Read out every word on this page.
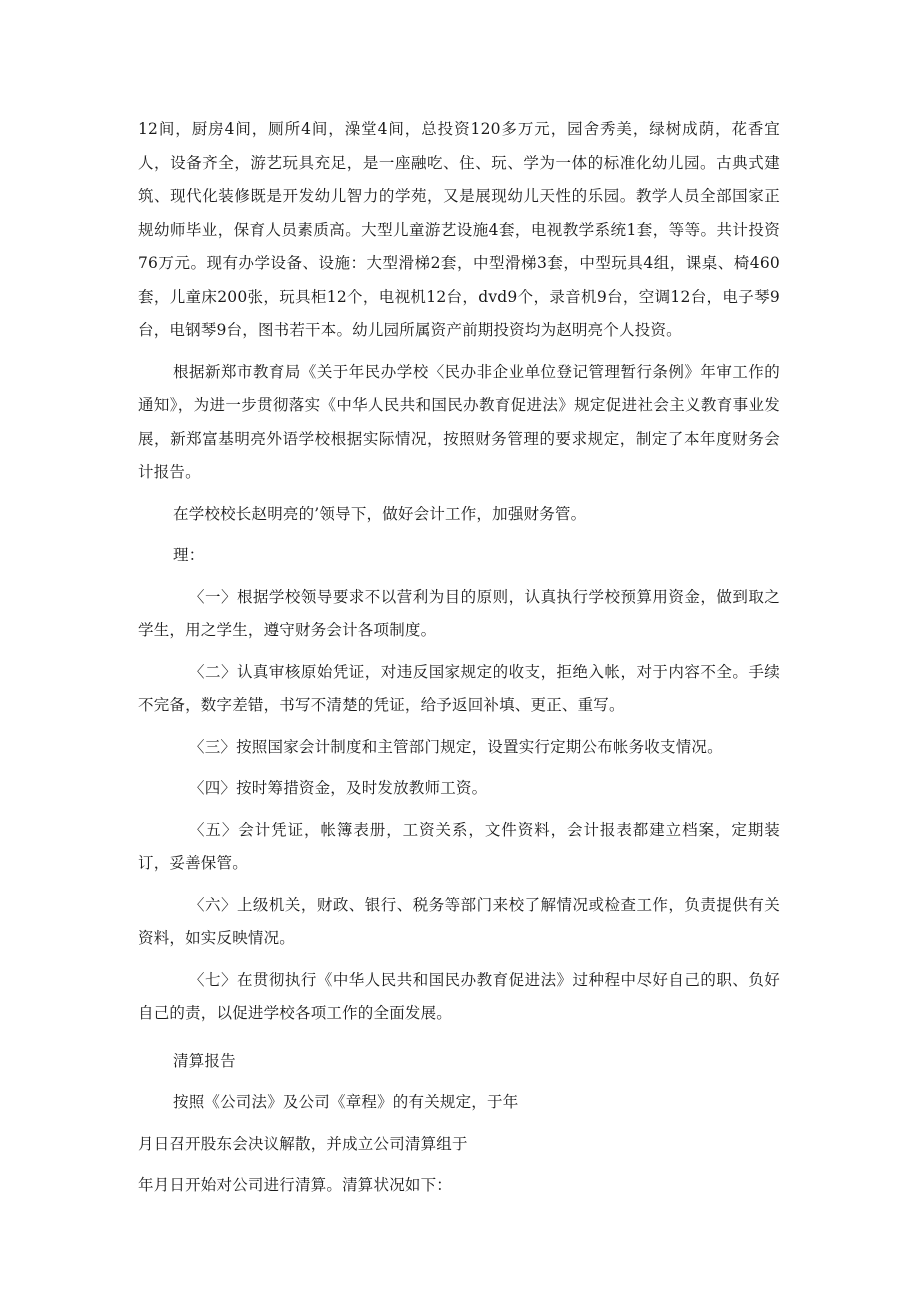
12间，厨房4间，厕所4间，澡堂4间，总投资120多万元，园舍秀美，绿树成荫，花香宜人，设备齐全，游艺玩具充足，是一座融吃、住、玩、学为一体的标准化幼儿园。古典式建筑、现代化装修既是开发幼儿智力的学苑，又是展现幼儿天性的乐园。教学人员全部国家正规幼师毕业，保育人员素质高。大型儿童游艺设施4套，电视教学系统1套，等等。共计投资76万元。现有办学设备、设施：大型滑梯2套，中型滑梯3套，中型玩具4组，课桌、椅460套，儿童床200张，玩具柜12个，电视机12台，dvd9个，录音机9台，空调12台，电子琴9台，电钢琴9台，图书若干本。幼儿园所属资产前期投资均为赵明亮个人投资。

根据新郑市教育局《关于年民办学校〈民办非企业单位登记管理暂行条例》年审工作的通知》，为进一步贯彻落实《中华人民共和国民办教育促进法》规定促进社会主义教育事业发展，新郑富基明亮外语学校根据实际情况，按照财务管理的要求规定，制定了本年度财务会计报告。

在学校校长赵明亮的’领导下，做好会计工作，加强财务管。

理：

〈一〉根据学校领导要求不以营利为目的原则，认真执行学校预算用资金，做到取之学生，用之学生，遵守财务会计各项制度。

〈二〉认真审核原始凭证，对违反国家规定的收支，拒绝入帐，对于内容不全。手续不完备，数字差错，书写不清楚的凭证，给予返回补填、更正、重写。

〈三〉按照国家会计制度和主管部门规定，设置实行定期公布帐务收支情况。

〈四〉按时筹措资金，及时发放教师工资。

〈五〉会计凭证，帐簿表册，工资关系，文件资料，会计报表都建立档案，定期装订，妥善保管。

〈六〉上级机关，财政、银行、税务等部门来校了解情况或检查工作，负责提供有关资料，如实反映情况。

〈七〉在贯彻执行《中华人民共和国民办教育促进法》过种程中尽好自己的职、负好自己的责，以促进学校各项工作的全面发展。

清算报告

按照《公司法》及公司《章程》的有关规定，于年

月日召开股东会决议解散，并成立公司清算组于

年月日开始对公司进行清算。清算状况如下：
